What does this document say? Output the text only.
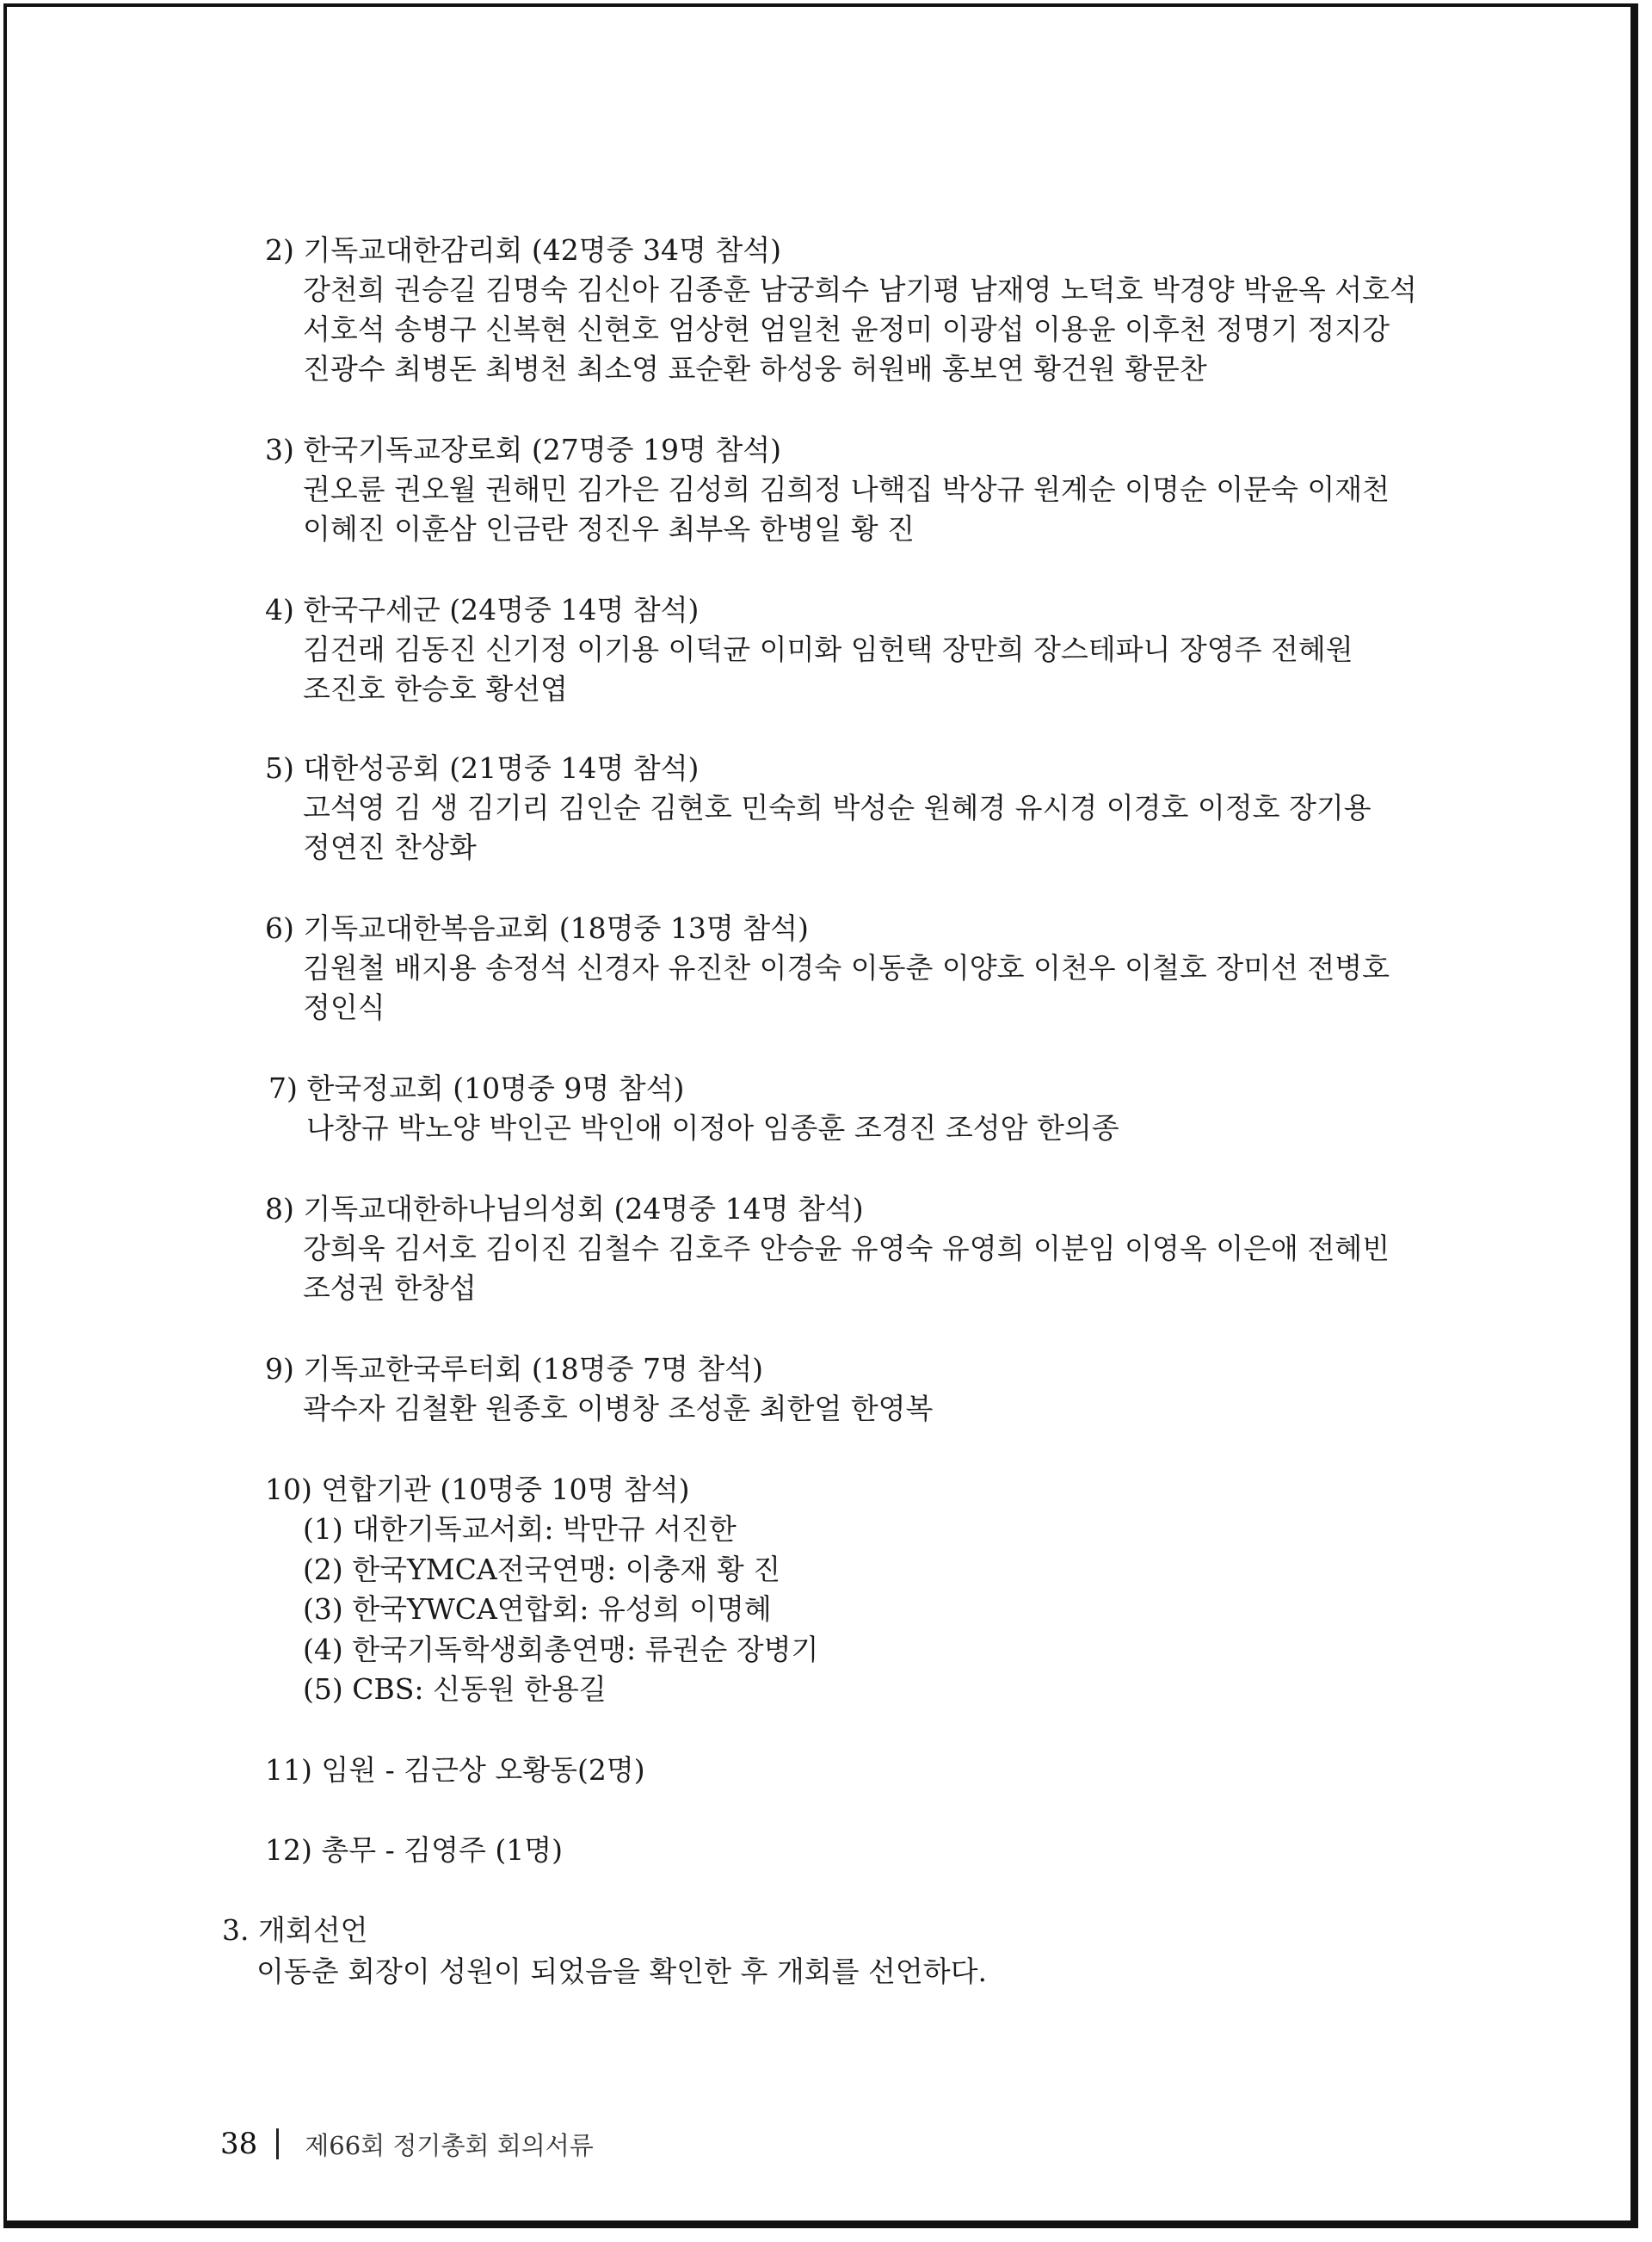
2) 기독교대한감리회 (42명중 34명 참석)
강천희 권승길 김명숙 김신아 김종훈 남궁희수 남기평 남재영 노덕호 박경양 박윤옥 서호석
서호석 송병구 신복현 신현호 엄상현 엄일천 윤정미 이광섭 이용윤 이후천 정명기 정지강
진광수 최병돈 최병천 최소영 표순환 하성웅 허원배 홍보연 황건원 황문찬
3) 한국기독교장로회 (27명중 19명 참석)
권오륜 권오월 권해민 김가은 김성희 김희정 나핵집 박상규 원계순 이명순 이문숙 이재천
이혜진 이훈삼 인금란 정진우 최부옥 한병일 황 진
4) 한국구세군 (24명중 14명 참석)
김건래 김동진 신기정 이기용 이덕균 이미화 임헌택 장만희 장스테파니 장영주 전혜원
조진호 한승호 황선엽
5) 대한성공회 (21명중 14명 참석)
고석영 김 생 김기리 김인순 김현호 민숙희 박성순 원혜경 유시경 이경호 이정호 장기용
정연진 찬상화
6) 기독교대한복음교회 (18명중 13명 참석)
김원철 배지용 송정석 신경자 유진찬 이경숙 이동춘 이양호 이천우 이철호 장미선 전병호
정인식
7) 한국정교회 (10명중 9명 참석)
나창규 박노양 박인곤 박인애 이정아 임종훈 조경진 조성암 한의종
8) 기독교대한하나님의성회 (24명중 14명 참석)
강희욱 김서호 김이진 김철수 김호주 안승윤 유영숙 유영희 이분임 이영옥 이은애 전혜빈
조성권 한창섭
9) 기독교한국루터회 (18명중 7명 참석)
곽수자 김철환 원종호 이병창 조성훈 최한얼 한영복
10) 연합기관 (10명중 10명 참석)
(1) 대한기독교서회: 박만규 서진한
(2) 한국YMCA전국연맹: 이충재 황 진
(3) 한국YWCA연합회: 유성희 이명혜
(4) 한국기독학생회총연맹: 류권순 장병기
(5) CBS: 신동원 한용길
11) 임원 - 김근상 오황동(2명)
12) 총무 - 김영주 (1명)
3. 개회선언
이동춘 회장이 성원이 되었음을 확인한 후 개회를 선언하다.
38 제66회 정기총회 회의서류
